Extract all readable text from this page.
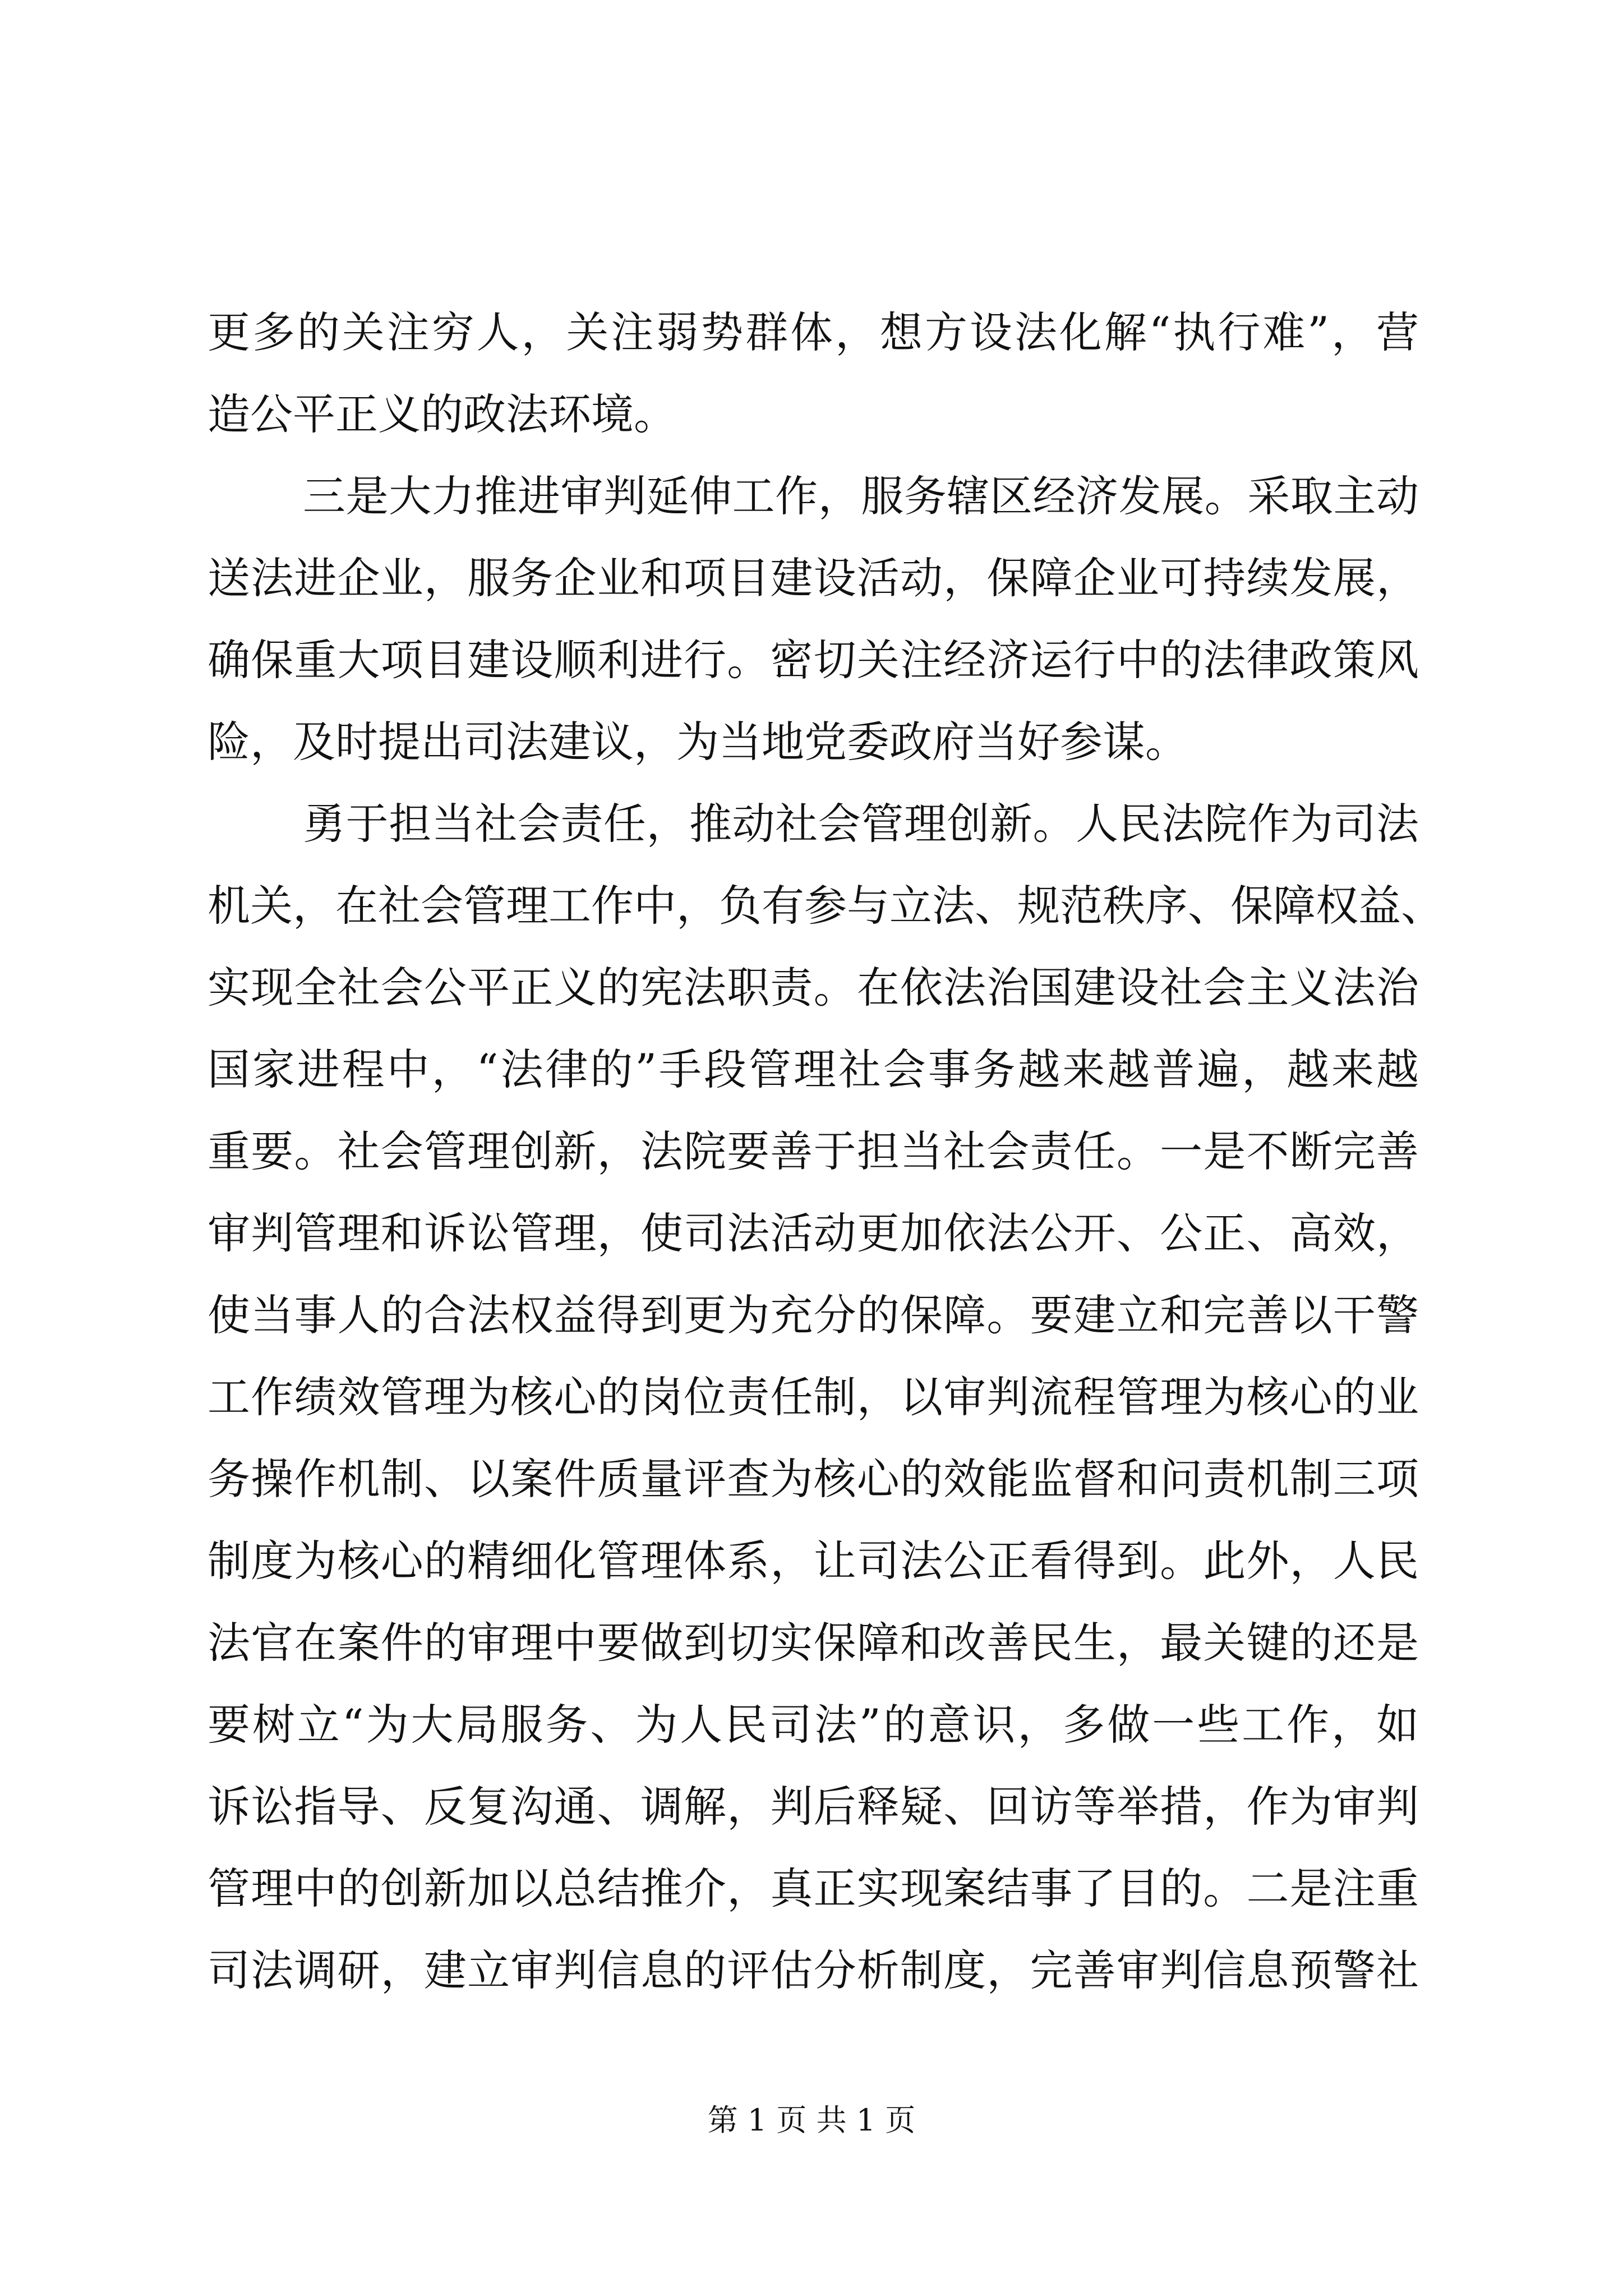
更多的关注穷人，关注弱势群体，想方设法化解“执行难”，营
造公平正义的政法环境。
三是大力推进审判延伸工作，服务辖区经济发展。采取主动
送法进企业，服务企业和项目建设活动，保障企业可持续发展，
确保重大项目建设顺利进行。密切关注经济运行中的法律政策风
险，及时提出司法建议，为当地党委政府当好参谋。
勇于担当社会责任，推动社会管理创新。人民法院作为司法
机关，在社会管理工作中，负有参与立法、规范秩序、保障权益、
实现全社会公平正义的宪法职责。在依法治国建设社会主义法治
国家进程中，“法律的”手段管理社会事务越来越普遍，越来越
重要。社会管理创新，法院要善于担当社会责任。一是不断完善
审判管理和诉讼管理，使司法活动更加依法公开、公正、高效，
使当事人的合法权益得到更为充分的保障。要建立和完善以干警
工作绩效管理为核心的岗位责任制，以审判流程管理为核心的业
务操作机制、以案件质量评查为核心的效能监督和问责机制三项
制度为核心的精细化管理体系，让司法公正看得到。此外，人民
法官在案件的审理中要做到切实保障和改善民生，最关键的还是
要树立“为大局服务、为人民司法”的意识，多做一些工作，如
诉讼指导、反复沟通、调解，判后释疑、回访等举措，作为审判
管理中的创新加以总结推介，真正实现案结事了目的。二是注重
司法调研，建立审判信息的评估分析制度，完善审判信息预警社
第 1 页 共 1 页
